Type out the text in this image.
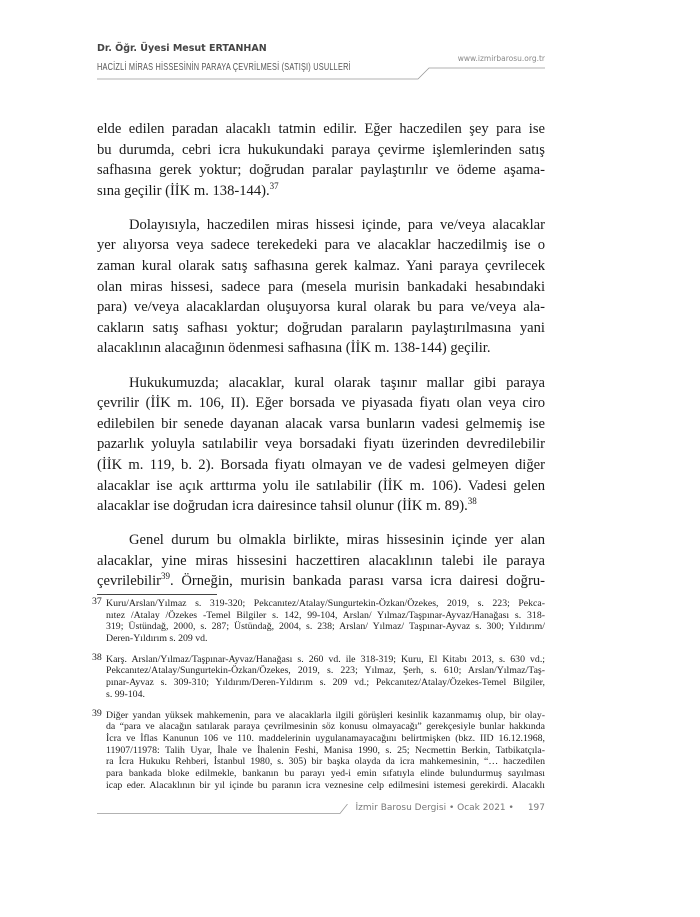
Dr. Öğr. Üyesi Mesut ERTANHAN
HACİZLİ MİRAS HİSSESİNİN PARAYA ÇEVRİLMESİ (SATIŞI) USULLERİ
www.izmirbarosu.org.tr
elde edilen paradan alacaklı tatmin edilir. Eğer haczedilen şey para ise
bu durumda, cebri icra hukukundaki paraya çevirme işlemlerinden satış
safhasına gerek yoktur; doğrudan paralar paylaştırılır ve ödeme aşama-
sına geçilir (İİK m. 138-144).$^{37}$
Dolayısıyla, haczedilen miras hissesi içinde, para ve/veya alacaklar
yer alıyorsa veya sadece terekedeki para ve alacaklar haczedilmiş ise o
zaman kural olarak satış safhasına gerek kalmaz. Yani paraya çevrilecek
olan miras hissesi, sadece para (mesela murisin bankadaki hesabındaki
para) ve/veya alacaklardan oluşuyorsa kural olarak bu para ve/veya ala-
cakların satış safhası yoktur; doğrudan paraların paylaştırılmasına yani
alacaklının alacağının ödenmesi safhasına (İİK m. 138-144) geçilir.
Hukukumuzda; alacaklar, kural olarak taşınır mallar gibi paraya
çevrilir (İİK m. 106, II). Eğer borsada ve piyasada fiyatı olan veya ciro
edilebilen bir senede dayanan alacak varsa bunların vadesi gelmemiş ise
pazarlık yoluyla satılabilir veya borsadaki fiyatı üzerinden devredilebilir
(İİK m. 119, b. 2). Borsada fiyatı olmayan ve de vadesi gelmeyen diğer
alacaklar ise açık arttırma yolu ile satılabilir (İİK m. 106). Vadesi gelen
alacaklar ise doğrudan icra dairesince tahsil olunur (İİK m. 89).$^{38}$
Genel durum bu olmakla birlikte, miras hissesinin içinde yer alan
alacaklar, yine miras hissesini haczettiren alacaklının talebi ile paraya
çevrilebilir$^{39}$. Örneğin, murisin bankada parası varsa icra dairesi doğru-
37 Kuru/Arslan/Yılmaz s. 319-320; Pekcanıtez/Atalay/Sungurtekin-Özkan/Özekes, 2019, s. 223; Pekca-
nıtez /Atalay /Özekes -Temel Bilgiler s. 142, 99-104, Arslan/ Yılmaz/Taşpınar-Ayvaz/Hanağası s. 318-
319; Üstündağ, 2000, s. 287; Üstündağ, 2004, s. 238; Arslan/ Yılmaz/ Taşpınar-Ayvaz s. 300; Yıldırım/
Deren-Yıldırım s. 209 vd.
38 Karş. Arslan/Yılmaz/Taşpınar-Ayvaz/Hanağası s. 260 vd. ile 318-319; Kuru, El Kitabı 2013, s. 630 vd.;
Pekcanıtez/Atalay/Sungurtekin-Özkan/Özekes, 2019, s. 223; Yılmaz, Şerh, s. 610; Arslan/Yılmaz/Taş-
pınar-Ayvaz s. 309-310; Yıldırım/Deren-Yıldırım s. 209 vd.; Pekcanıtez/Atalay/Özekes-Temel Bilgiler,
s. 99-104.
39 Diğer yandan yüksek mahkemenin, para ve alacaklarla ilgili görüşleri kesinlik kazanmamış olup, bir olay-
da “para ve alacağın satılarak paraya çevrilmesinin söz konusu olmayacağı” gerekçesiyle bunlar hakkında
İcra ve İflas Kanunun 106 ve 110. maddelerinin uygulanamayacağını belirtmişken (bkz. IID 16.12.1968,
11907/11978: Talih Uyar, İhale ve İhalenin Feshi, Manisa 1990, s. 25; Necmettin Berkin, Tatbikatçıla-
ra İcra Hukuku Rehberi, İstanbul 1980, s. 305) bir başka olayda da icra mahkemesinin, “… haczedilen
para bankada bloke edilmekle, bankanın bu parayı yed-i emin sıfatıyla elinde bulundurmuş sayılması
icap eder. Alacaklının bir yıl içinde bu paranın icra veznesine celp edilmesini istemesi gerekirdi. Alacaklı
İzmir Barosu Dergisi • Ocak 2021 • 197
